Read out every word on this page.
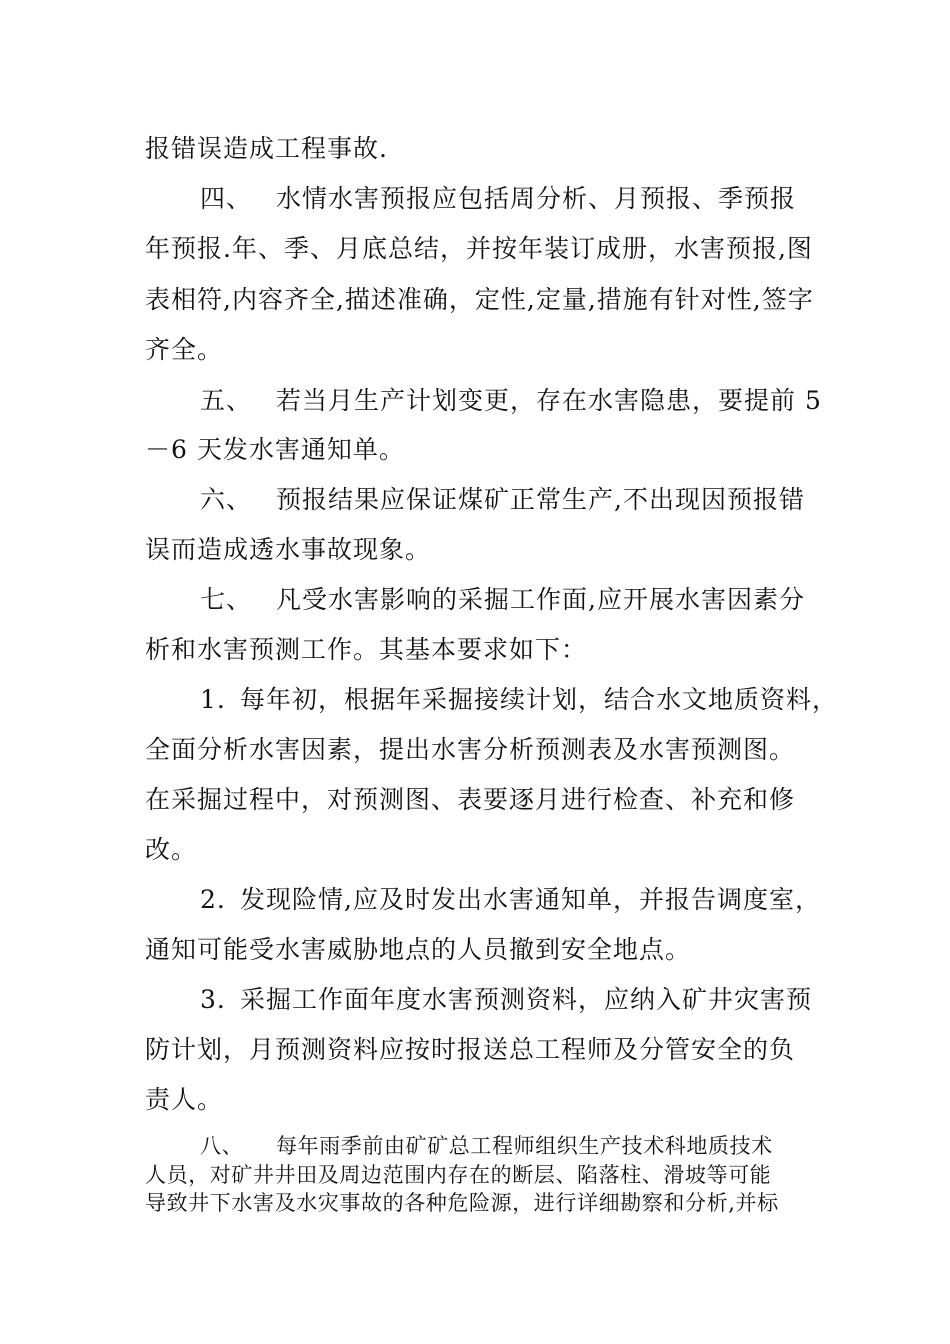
报错误造成工程事故.
四、 水情水害预报应包括周分析、月预报、季预报
年预报.年、季、月底总结，并按年装订成册，水害预报,图
表相符,内容齐全,描述准确，定性,定量,措施有针对性,签字
齐全。
五、 若当月生产计划变更，存在水害隐患，要提前 5
－6 天发水害通知单。
六、 预报结果应保证煤矿正常生产,不出现因预报错
误而造成透水事故现象。
七、 凡受水害影响的采掘工作面,应开展水害因素分
析和水害预测工作。其基本要求如下：
1. 每年初，根据年采掘接续计划，结合水文地质资料，
全面分析水害因素，提出水害分析预测表及水害预测图。
在采掘过程中，对预测图、表要逐月进行检查、补充和修
改。
2. 发现险情,应及时发出水害通知单，并报告调度室，
通知可能受水害威胁地点的人员撤到安全地点。
3. 采掘工作面年度水害预测资料，应纳入矿井灾害预
防计划，月预测资料应按时报送总工程师及分管安全的负
责人。
八、 每年雨季前由矿矿总工程师组织生产技术科地质技术
人员，对矿井井田及周边范围内存在的断层、陷落柱、滑坡等可能
导致井下水害及水灾事故的各种危险源，进行详细勘察和分析,并标
